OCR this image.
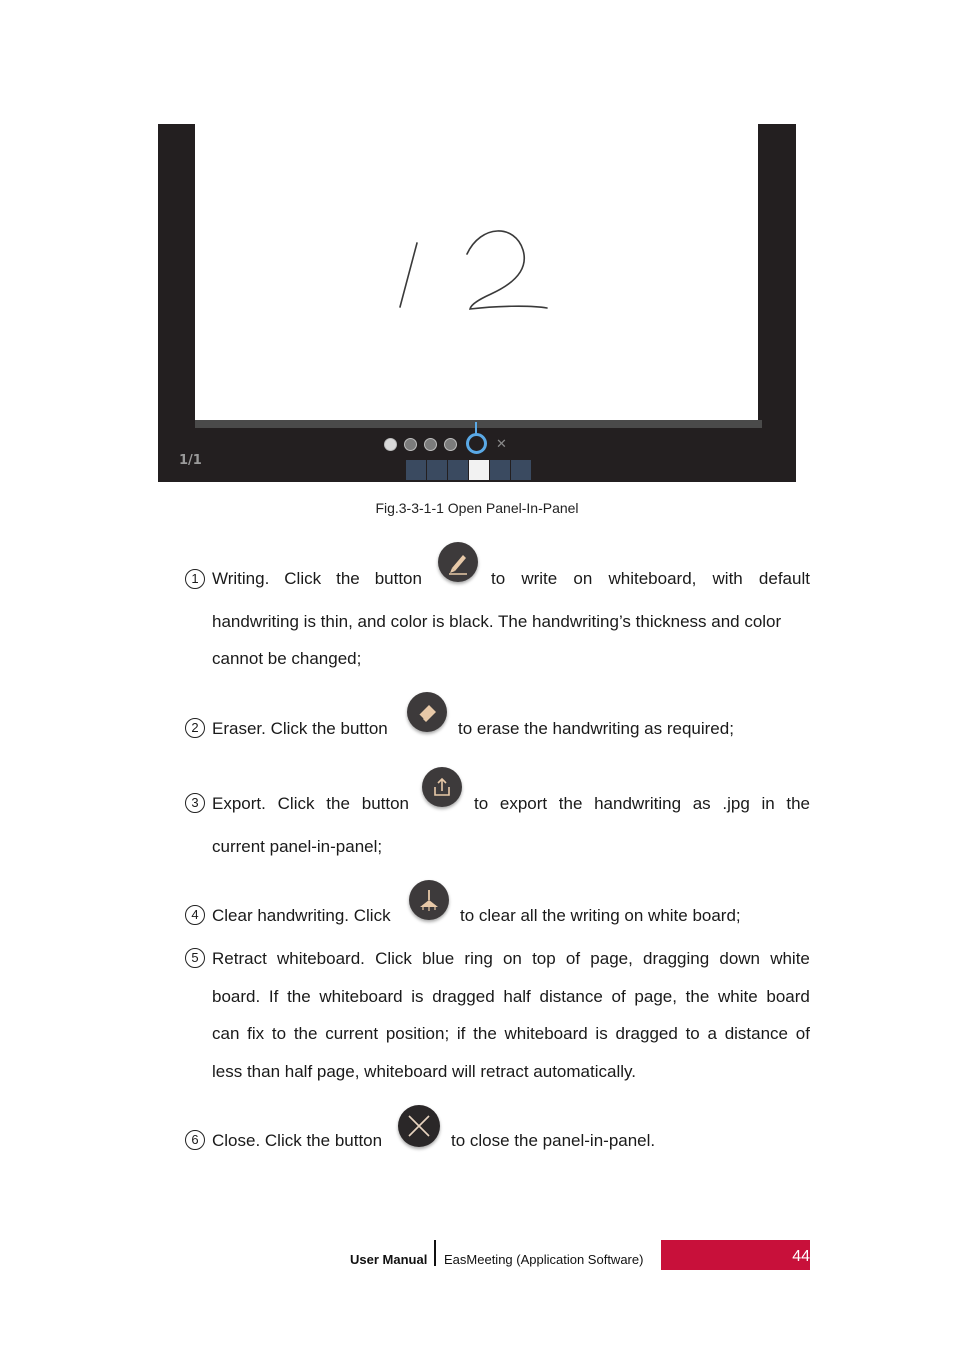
1/1
✕
Fig.3-3-1-1 Open Panel-In-Panel
1 Writing. Click the button	to write on whiteboard, with default
handwriting is thin, and color is black. The handwriting’s thickness and color
cannot be changed;
2 Eraser. Click the button	to erase the handwriting as required;
3 Export. Click the button	to export the handwriting as .jpg in the
current panel-in-panel;
4 Clear handwriting. Click	to clear all the writing on white board;
5 Retract whiteboard. Click blue ring on top of page, dragging down white
board. If the whiteboard is dragged half distance of page, the white board
can fix to the current position; if the whiteboard is dragged to a distance of
less than half page, whiteboard will retract automatically.
6 Close. Click the button	to close the panel-in-panel.
User Manual EasMeeting (Application Software)	44
